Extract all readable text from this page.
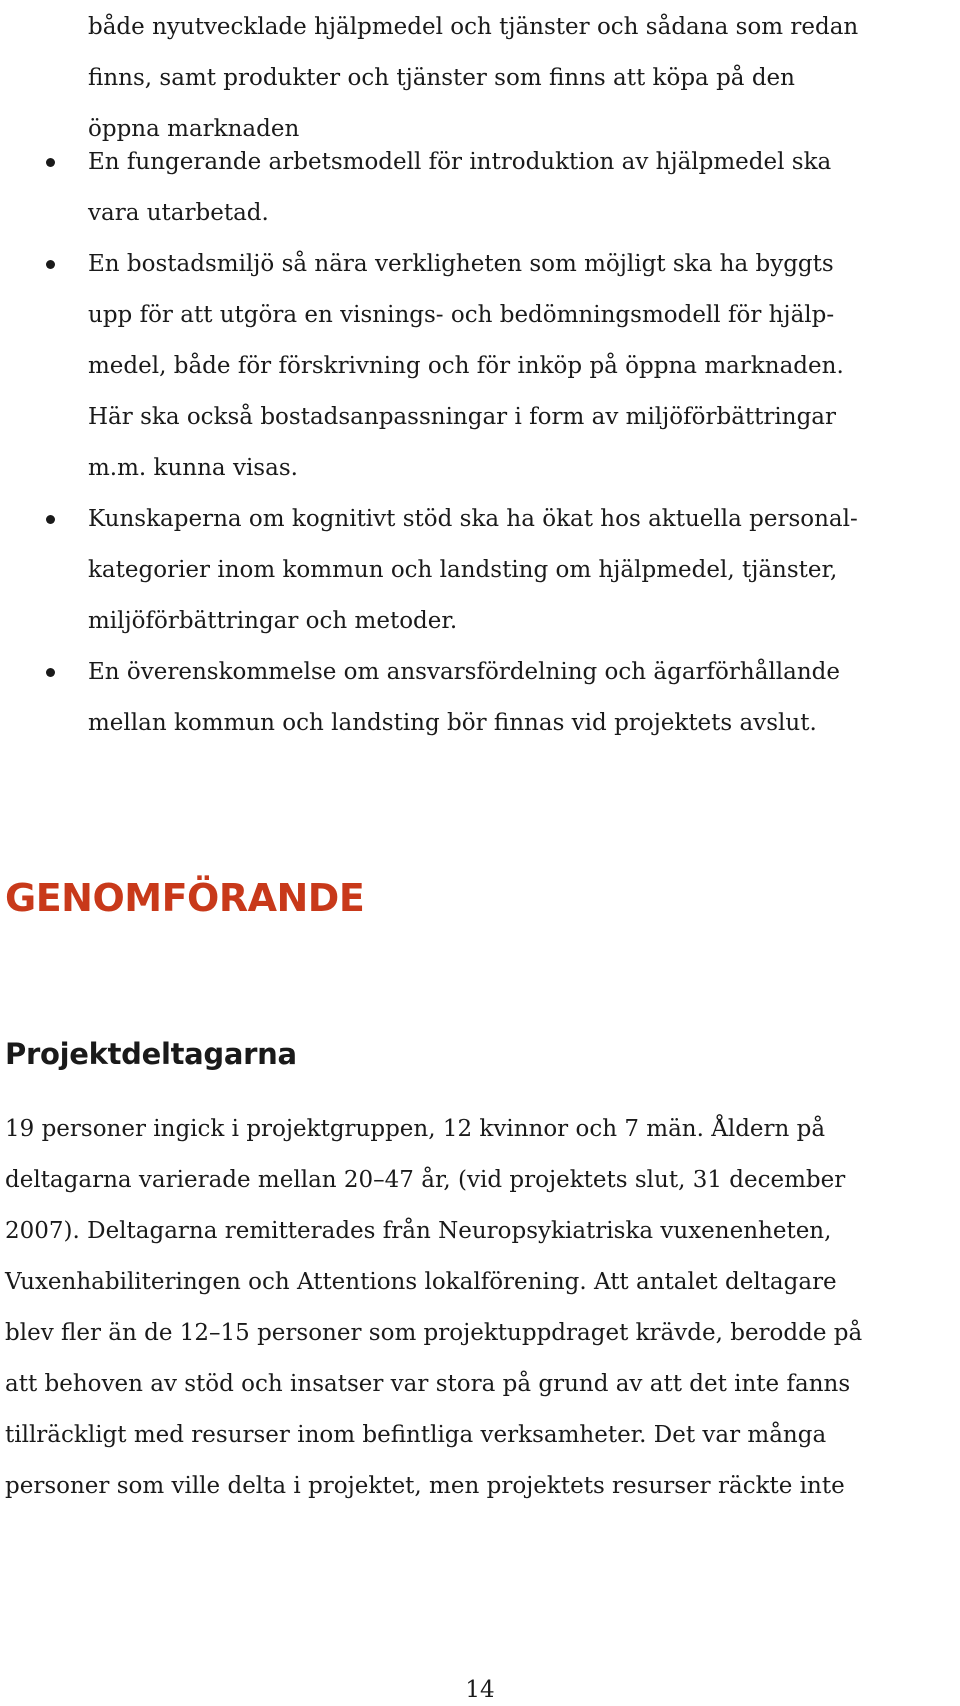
både nyutvecklade hjälpmedel och tjänster och sådana som redan
finns, samt produkter och tjänster som finns att köpa på den
öppna marknaden

En fungerande arbetsmodell för introduktion av hjälpmedel ska
vara utarbetad.
En bostadsmiljö så nära verkligheten som möjligt ska ha byggts
upp för att utgöra en visnings- och bedömningsmodell för hjälp-
medel, både för förskrivning och för inköp på öppna marknaden.
Här ska också bostadsanpassningar i form av miljöförbättringar
m.m. kunna visas.
Kunskaperna om kognitivt stöd ska ha ökat hos aktuella personal-
kategorier inom kommun och landsting om hjälpmedel, tjänster,
miljöförbättringar och metoder.
En överenskommelse om ansvarsfördelning och ägarförhållande
mellan kommun och landsting bör finnas vid projektets avslut.
GENOMFÖRANDE
Projektdeltagarna

19 personer ingick i projektgruppen, 12 kvinnor och 7 män. Åldern på
deltagarna varierade mellan 20–47 år, (vid projektets slut, 31 december
2007). Deltagarna remitterades från Neuropsykiatriska vuxenenheten,
Vuxenhabiliteringen och Attentions lokalförening. Att antalet deltagare
blev fler än de 12–15 personer som projektuppdraget krävde, berodde på
att behoven av stöd och insatser var stora på grund av att det inte fanns
tillräckligt med resurser inom befintliga verksamheter. Det var många
personer som ville delta i projektet, men projektets resurser räckte inte

14
